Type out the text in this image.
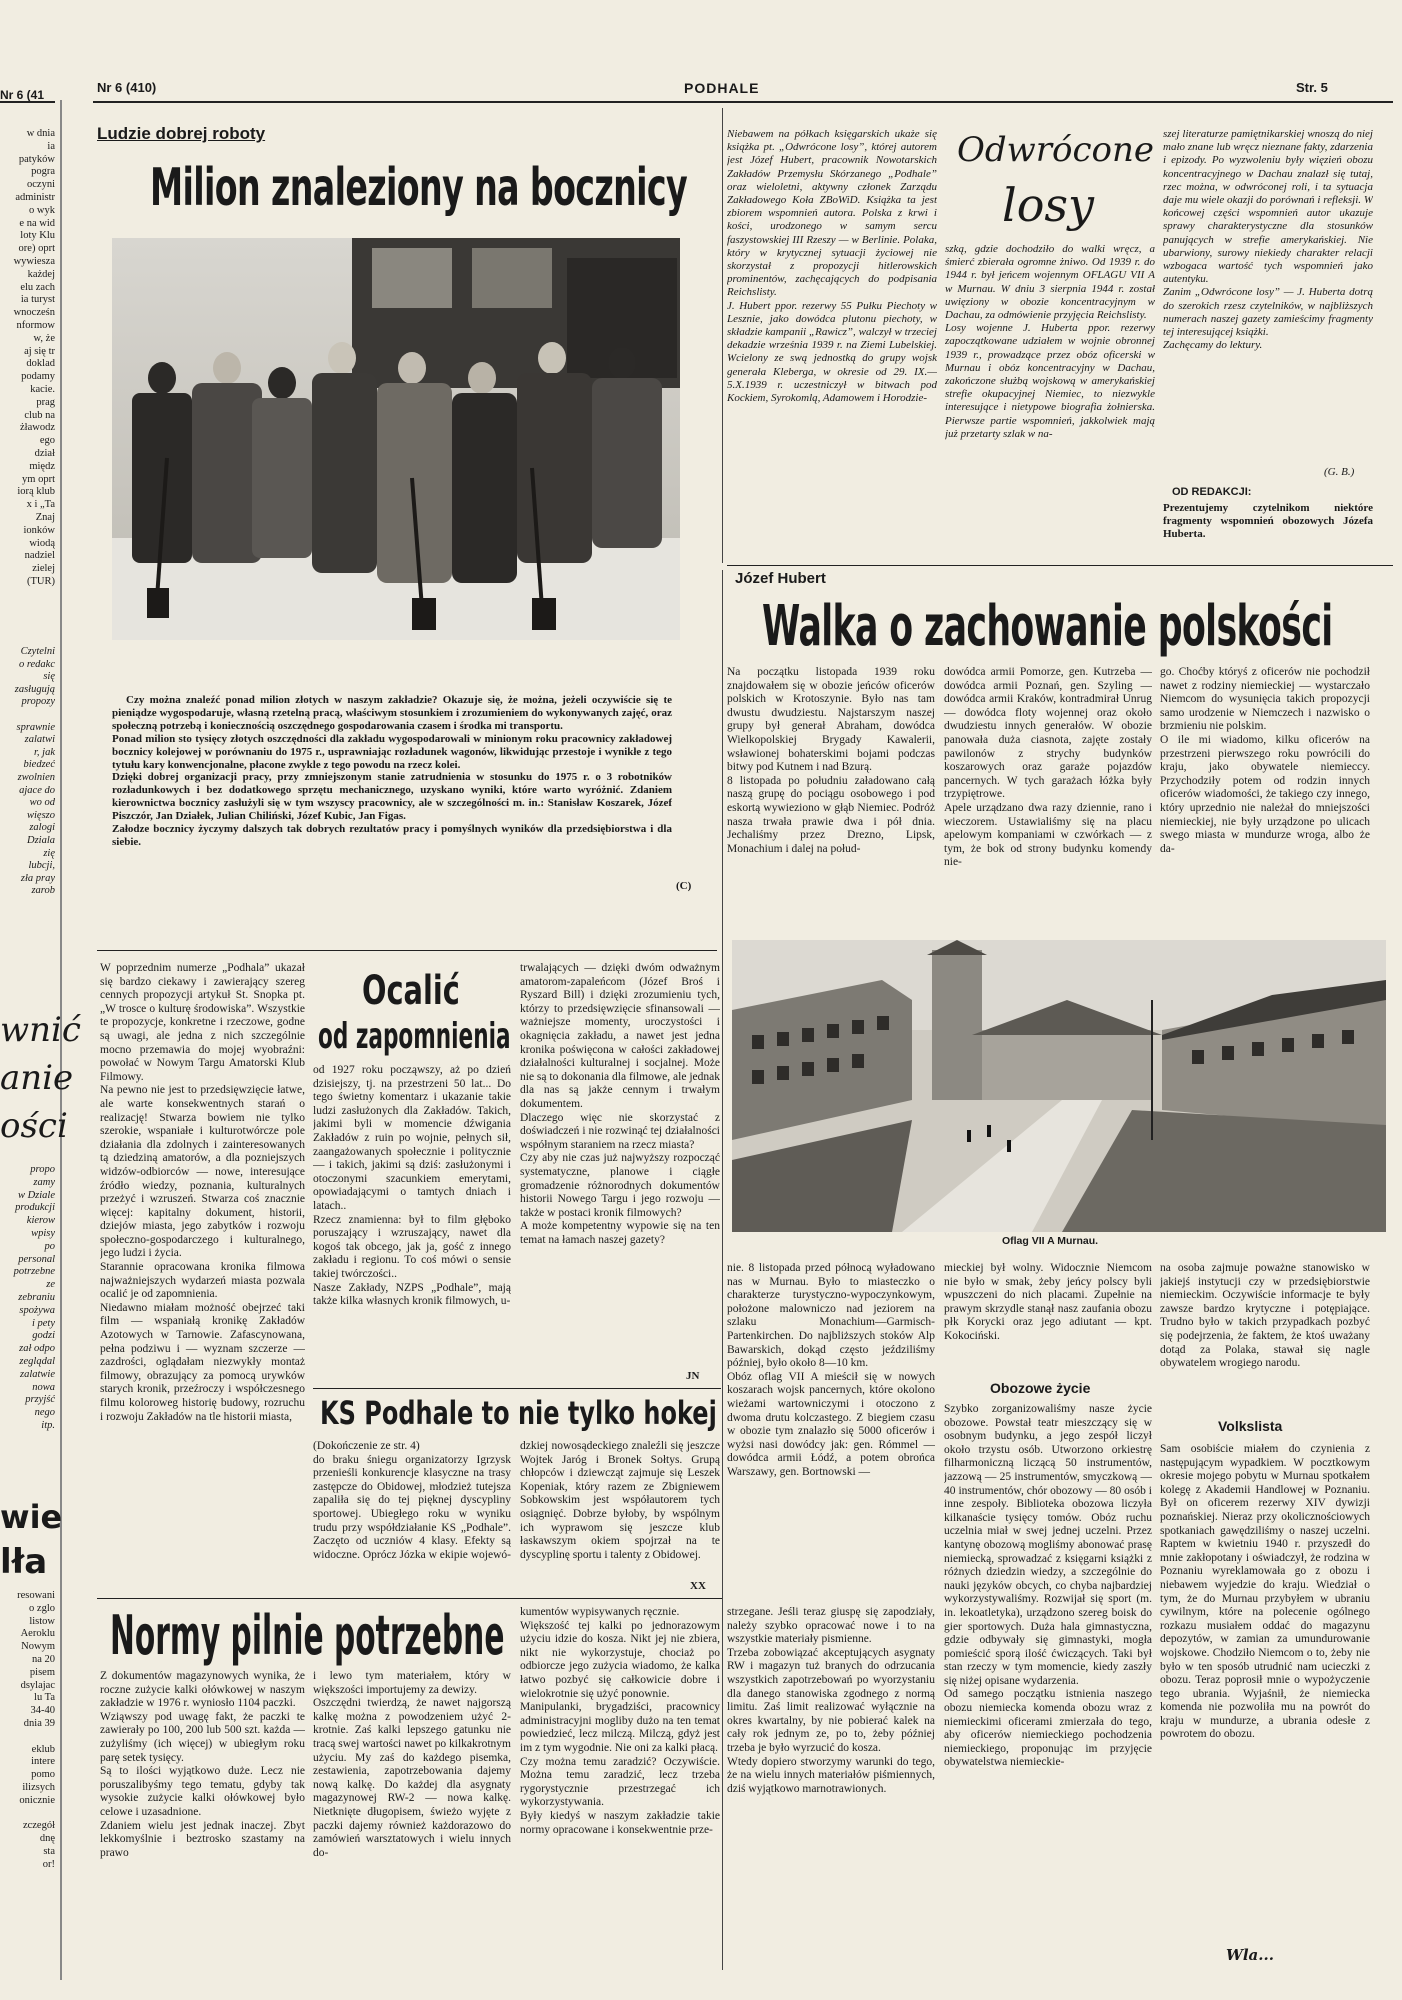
Nr 6 (41	Nr 6 (410)	PODHALE	Str. 5
w dnia
ia
patyków
pogra
oczyni
administr
o wyk
e na wid
loty Klu
ore) oprt
wywiesza
każdej
elu zach
ia turyst
wnocześn
nformow
w, że
aj się tr
doklad
podamy
kacie.
prag
club na
żławodz
ego
dział
międz
ym oprt
iorą klub
x i „Ta
Znaj
ionków
wiodą
nadziel
zielej
(TUR)
Czytelni
o redakc
się
zasługują
propozy

sprawnie
zalatwi
r, jak
biedzeć
zwolnien
ajace do
wo od
więszo
zalogi
Dziala
zię
lubcji,
zła pray
zarob
wnić
anie
ości
propo
zamy
w Dziale
produkcji
kierow
wpisy
po
personal
potrzebne
ze
zebraniu
spożywa
i pety
godzi
zał odpo
zeglądal
zalatwie
nowa
przyjść
nego
itp.
wie
lła
resowani
o zglo
listow
Aeroklu
Nowym
na 20
pisem
dsylajac
lu Ta
34-40
dnia 39

eklub
intere
pomo
ilizsych
onicznie

zczegół
dnę
sta
or!
Ludzie dobrej roboty
Milion znaleziony na bocznicy
Czy można znaleźć ponad milion złotych w naszym zakładzie? Okazuje się, że można, jeżeli oczywiście się te pieniądze wygospodaruje, własną rzetelną pracą, właściwym stosunkiem i zrozumieniem do wykonywanych zajęć, oraz społeczną potrzebą i koniecznością oszczędnego gospodarowania czasem i środka mi transportu.
Ponad milion sto tysięcy złotych oszczędności dla zakładu wygospodarowali w minionym roku pracownicy zakładowej bocznicy kolejowej w porównaniu do 1975 r., usprawniając rozładunek wagonów, likwidując przestoje i wynikłe z tego tytułu kary konwencjonalne, płacone zwykle z tego powodu na rzecz kolei.
Dzięki dobrej organizacji pracy, przy zmniejszonym stanie zatrudnienia w stosunku do 1975 r. o 3 robotników rozładunkowych i bez dodatkowego sprzętu mechanicznego, uzyskano wyniki, które warto wyróżnić. Zdaniem kierownictwa bocznicy zasłużyli się w tym wszyscy pracownicy, ale w szczególności m. in.: Stanisław Koszarek, Józef Piszczór, Jan Działek, Julian Chiliński, Józef Kubic, Jan Figas.
Załodze bocznicy życzymy dalszych tak dobrych rezultatów pracy i pomyślnych wyników dla przedsiębiorstwa i dla siebie.
(C)
Niebawem na półkach księgarskich ukaże się książka pt. „Odwrócone losy”, której autorem jest Józef Hubert, pracownik Nowotarskich Zakładów Przemysłu Skórzanego „Podhale” oraz wieloletni, aktywny członek Zarządu Zakładowego Koła ZBoWiD. Książka ta jest zbiorem wspomnień autora. Polska z krwi i kości, urodzonego w samym sercu faszystowskiej III Rzeszy — w Berlinie. Polaka, który w krytycznej sytuacji życiowej nie skorzystał z propozycji hitlerowskich prominentów, zachęcających do podpisania Reichslisty.
J. Hubert ppor. rezerwy 55 Pułku Piechoty w Lesznie, jako dowódca plutonu piechoty, w składzie kampanii „Rawicz”, walczył w trzeciej dekadzie września 1939 r. na Ziemi Lubelskiej. Wcielony ze swą jednostką do grupy wojsk generała Kleberga, w okresie od 29. IX.—5.X.1939 r. uczestniczył w bitwach pod Kockiem, Syrokomlą, Adamowem i Horodzie-
Odwrócone
losy
szką, gdzie dochodziło do walki wręcz, a śmierć zbierała ogromne żniwo. Od 1939 r. do 1944 r. był jeńcem wojennym OFLAGU VII A w Murnau. W dniu 3 sierpnia 1944 r. został uwięziony w obozie koncentracyjnym w Dachau, za odmówienie przyjęcia Reichslisty.
Losy wojenne J. Huberta ppor. rezerwy zapoczątkowane udziałem w wojnie obronnej 1939 r., prowadzące przez obóz oficerski w Murnau i obóz koncentracyjny w Dachau, zakończone służbą wojskową w amerykańskiej strefie okupacyjnej Niemiec, to niezwykle interesujące i nietypowe biografia żołnierska. Pierwsze partie wspomnień, jakkolwiek mają już przetarty szlak w na-
szej literaturze pamiętnikarskiej wnoszą do niej mało znane lub wręcz nieznane fakty, zdarzenia i epizody. Po wyzwoleniu były więzień obozu koncentracyjnego w Dachau znalazł się tutaj, rzec można, w odwróconej roli, i ta sytuacja daje mu wiele okazji do porównań i refleksji. W końcowej części wspomnień autor ukazuje sprawy charakterystyczne dla stosunków panujących w strefie amerykańskiej. Nie ubarwiony, surowy niekiedy charakter relacji wzbogaca wartość tych wspomnień jako autentyku.
Zanim „Odwrócone losy” — J. Huberta dotrą do szerokich rzesz czytelników, w najbliższych numerach naszej gazety zamieścimy fragmenty tej interesującej książki.
Zachęcamy do lektury.
(G. B.)
OD REDAKCJI:
Prezentujemy czytelnikom niektóre fragmenty wspomnień obozowych Józefa Huberta.
Józef Hubert
Walka o zachowanie polskości
Na początku listopada 1939 roku znajdowałem się w obozie jeńców oficerów polskich w Krotoszynie. Było nas tam dwustu dwudziestu. Najstarszym naszej grupy był generał Abraham, dowódca Wielkopolskiej Brygady Kawalerii, wsławionej bohaterskimi bojami podczas bitwy pod Kutnem i nad Bzurą.
8 listopada po południu załadowano całą naszą grupę do pociągu osobowego i pod eskortą wywieziono w głąb Niemiec. Podróż nasza trwała prawie dwa i pół dnia. Jechaliśmy przez Drezno, Lipsk, Monachium i dalej na połud-
dowódca armii Pomorze, gen. Kutrzeba — dowódca armii Poznań, gen. Szyling — dowódca armii Kraków, kontradmirał Unrug — dowódca floty wojennej oraz około dwudziestu innych generałów. W obozie panowała duża ciasnota, zajęte zostały pawilonów z strychy budynków koszarowych oraz garaże pojazdów pancernych. W tych garażach łóżka były trzypiętrowe.
Apele urządzano dwa razy dziennie, rano i wieczorem. Ustawialiśmy się na placu apelowym kompaniami w czwórkach — z tym, że bok od strony budynku komendy nie-
go. Choćby któryś z oficerów nie pochodził nawet z rodziny niemieckiej — wystarczało Niemcom do wysunięcia takich propozycji samo urodzenie w Niemczech i nazwisko o brzmieniu nie polskim.
O ile mi wiadomo, kilku oficerów na przestrzeni pierwszego roku powrócili do kraju, jako obywatele niemieccy. Przychodziły potem od rodzin innych oficerów wiadomości, że takiego czy innego, który uprzednio nie należał do mniejszości niemieckiej, nie były urządzone po ulicach swego miasta w mundurze wroga, albo że da-
Oflag VII A Murnau.
nie. 8 listopada przed północą wyładowano nas w Murnau. Było to miasteczko o charakterze turystyczno-wypoczynkowym, położone malowniczo nad jeziorem na szlaku Monachium—Garmisch-Partenkirchen. Do najbliższych stoków Alp Bawarskich, dokąd często jeździliśmy później, było około 8—10 km.
Obóz oflag VII A mieścił się w nowych koszarach wojsk pancernych, które okolono wieżami wartowniczymi i otoczono z dwoma drutu kolczastego. Z biegiem czasu w obozie tym znalazło się 5000 oficerów i wyżsi nasi dowódcy jak: gen. Rómmel — dowódca armii Łódź, a potem obrońca Warszawy, gen. Bortnowski —
mieckiej był wolny. Widocznie Niemcom nie było w smak, żeby jeńcy polscy byli wpuszczeni do nich placami. Zupełnie na prawym skrzydle stanął nasz zaufania obozu płk Korycki oraz jego adiutant — kpt. Kokociński.
Obozowe życie
Szybko zorganizowaliśmy nasze życie obozowe. Powstał teatr mieszczący się w osobnym budynku, a jego zespół liczył około trzystu osób. Utworzono orkiestrę filharmoniczną liczącą 50 instrumentów, jazzową — 25 instrumentów, smyczkową — 40 instrumentów, chór obozowy — 80 osób i inne zespoły. Biblioteka obozowa liczyła kilkanaście tysięcy tomów. Obóz ruchu uczelnia miał w swej jednej uczelni. Przez kantynę obozową mogliśmy abonować prasę niemiecką, sprowadzać z księgarni książki z różnych dziedzin wiedzy, a szczególnie do nauki języków obcych, co chyba najbardziej wykorzystywaliśmy. Rozwijał się sport (m. in. lekoatletyka), urządzono szereg boisk do gier sportowych. Duża hala gimnastyczna, gdzie odbywały się gimnastyki, mogła pomieścić sporą ilość ćwiczących. Taki był stan rzeczy w tym momencie, kiedy zaszły się niżej opisane wydarzenia.
Od samego początku istnienia naszego obozu niemiecka komenda obozu wraz z niemieckimi oficerami zmierzała do tego, aby oficerów niemieckiego pochodzenia niemieckiego, proponując im przyjęcie obywatelstwa niemieckie-
na osoba zajmuje poważne stanowisko w jakiejś instytucji czy w przedsiębiorstwie niemieckim. Oczywiście informacje te były zawsze bardzo krytyczne i potępiające. Trudno było w takich przypadkach pozbyć się podejrzenia, że faktem, że ktoś uważany dotąd za Polaka, stawał się nagle obywatelem wrogiego narodu.
Volkslista
Sam osobiście miałem do czynienia z następującym wypadkiem. W pocztkowym okresie mojego pobytu w Murnau spotkałem kolegę z Akademii Handlowej w Poznaniu. Był on oficerem rezerwy XIV dywizji poznańskiej. Nieraz przy okolicznościowych spotkaniach gawędziliśmy o naszej uczelni. Raptem w kwietniu 1940 r. przyszedł do mnie zakłopotany i oświadczył, że rodzina w Poznaniu wyreklamowała go z obozu i niebawem wyjedzie do kraju. Wiedział o tym, że do Murnau przybyłem w ubraniu cywilnym, które na polecenie ogólnego rozkazu musiałem oddać do magazynu depozytów, w zamian za umundurowanie wojskowe. Chodziło Niemcom o to, żeby nie było w ten sposób utrudnić nam ucieczki z obozu. Teraz poprosił mnie o wypożyczenie tego ubrania. Wyjaśnił, że niemiecka komenda nie pozwoliła mu na powrót do kraju w mundurze, a ubrania odesłe z powrotem do obozu.
Wla...
W poprzednim numerze „Podhala” ukazał się bardzo ciekawy i zawierający szereg cennych propozycji artykuł St. Snopka pt. „W trosce o kulturę środowiska”. Wszystkie te propozycje, konkretne i rzeczowe, godne są uwagi, ale jedna z nich szczególnie mocno przemawia do mojej wyobraźni: powołać w Nowym Targu Amatorski Klub Filmowy.
Na pewno nie jest to przedsięwzięcie łatwe, ale warte konsekwentnych starań o realizację! Stwarza bowiem nie tylko szerokie, wspaniałe i kulturotwórcze pole działania dla zdolnych i zainteresowanych tą dziedziną amatorów, a dla pozniejszych widzów-odbiorców — nowe, interesujące źródło wiedzy, poznania, kulturalnych przeżyć i wzruszeń. Stwarza coś znacznie więcej: kapitalny dokument, historii, dziejów miasta, jego zabytków i rozwoju społeczno-gospodarczego i kulturalnego, jego ludzi i życia.
Starannie opracowana kronika filmowa najważniejszych wydarzeń miasta pozwala ocalić je od zapomnienia.
Niedawno miałam możność obejrzeć taki film — wspaniałą kronikę Zakładów Azotowych w Tarnowie. Zafascynowana, pełna podziwu i — wyznam szczerze — zazdrości, oglądałam niezwykły montaż filmowy, obrazujący za pomocą urywków starych kronik, przeźroczy i współczesnego filmu koloroweg historię budowy, rozruchu i rozwoju Zakładów na tle historii miasta,
Ocalić
od zapomnienia
od 1927 roku począwszy, aż po dzień dzisiejszy, tj. na przestrzeni 50 lat... Do tego świetny komentarz i ukazanie takie ludzi zasłużonych dla Zakładów. Takich, jakimi byli w momencie dźwigania Zakładów z ruin po wojnie, pełnych sił, zaangażowanych społecznie i politycznie — i takich, jakimi są dziś: zasłużonymi i otoczonymi szacunkiem emerytami, opowiadającymi o tamtych dniach i latach..
Rzecz znamienna: był to film głęboko poruszający i wzruszający, nawet dla kogoś tak obcego, jak ja, gość z innego zakładu i regionu. To coś mówi o sensie takiej twórczości..
Nasze Zakłady, NZPS „Podhale”, mają także kilka własnych kronik filmowych, u-
trwalających — dzięki dwóm odważnym amatorom-zapaleńcom (Józef Broś i Ryszard Bill) i dzięki zrozumieniu tych, którzy to przedsięwzięcie sfinansowali — ważniejsze momenty, uroczystości i okagnięcia zakładu, a nawet jest jedna kronika poświęcona w całości zakładowej działalności kulturalnej i socjalnej. Może nie są to dokonania dla filmowe, ale jednak dla nas są jakże cennym i trwałym dokumentem.
Dlaczego więc nie skorzystać z doświadczeń i nie rozwinąć tej działalności współnym staraniem na rzecz miasta?
Czy aby nie czas już najwyższy rozpocząć systematyczne, planowe i ciągłe gromadzenie różnorodnych dokumentów historii Nowego Targu i jego rozwoju — także w postaci kronik filmowych?
A może kompetentny wypowie się na ten temat na łamach naszej gazety?
JN
KS Podhale to nie tylko hokej
(Dokończenie ze str. 4)
do braku śniegu organizatorzy Igrzysk przenieśli konkurencje klasyczne na trasy zastępcze do Obidowej, młodzież tutejsza zapaliła się do tej pięknej dyscypliny sportowej. Ubiegłego roku w wyniku trudu przy współdziałanie KS „Podhale”. Zaczęto od uczniów 4 klasy. Efekty są widoczne. Oprócz Józka w ekipie wojewó-
dzkiej nowosądeckiego znaleźli się jeszcze Wojtek Jaróg i Bronek Sołtys. Grupą chłopców i dziewcząt zajmuje się Leszek Kopeniak, który razem ze Zbigniewem Sobkowskim jest współautorem tych osiągnięć. Dobrze byłoby, by wspólnym ich wyprawom się jeszcze klub łaskawszym okiem spojrzał na te dyscyplinę sportu i talenty z Obidowej.
XX
Normy pilnie potrzebne
Z dokumentów magazynowych wynika, że roczne zużycie kalki ołówkowej w naszym zakładzie w 1976 r. wyniosło 1104 paczki.
Wziąwszy pod uwagę fakt, że paczki te zawierały po 100, 200 lub 500 szt. każda — zużyliśmy (ich więcej) w ubiegłym roku parę setek tysięcy.
Są to ilości wyjątkowo duże. Lecz nie poruszalibyśmy tego tematu, gdyby tak wysokie zużycie kalki ołówkowej było celowe i uzasadnione.
Zdaniem wielu jest jednak inaczej. Zbyt lekkomyślnie i beztrosko szastamy na prawo
i lewo tym materiałem, który w większości importujemy za dewizy.
Oszczędni twierdzą, że nawet najgorszą kalkę można z powodzeniem użyć 2-krotnie. Zaś kalki lepszego gatunku nie tracą swej wartości nawet po kilkakrotnym użyciu. My zaś do każdego pisemka, zestawienia, zapotrzebowania dajemy nową kalkę. Do każdej dla asygnaty magazynowej RW-2 — nowa kalkę. Nietknięte długopisem, świeżo wyjęte z paczki dajemy również każdorazowo do zamówień warsztatowych i wielu innych do-
kumentów wypisywanych ręcznie.
Większość tej kalki po jednorazowym użyciu idzie do kosza. Nikt jej nie zbiera, nikt nie wykorzystuje, chociaż po odbiorcze jego zużycia wiadomo, że kalka łatwo pozbyć się całkowicie dobre i wielokrotnie się użyć ponownie.
Manipulanki, brygadziści, pracownicy administracyjni mogliby dużo na ten temat powiedzieć, lecz milczą. Milczą, gdyż jest im z tym wygodnie. Nie oni za kalki płacą.
Czy można temu zaradzić? Oczywiście. Można temu zaradzić, lecz trzeba rygorystycznie przestrzegać ich wykorzystywania.
Były kiedyś w naszym zakładzie takie normy opracowane i konsekwentnie prze-
strzegane. Jeśli teraz giuspę się zapodziały, należy szybko opracować nowe i to na wszystkie materiały pismienne.
Trzeba zobowiązać akceptujących asygnaty RW i magazyn tuż branych do odrzucania wszystkich zapotrzebowań po wyorzystaniu dla danego stanowiska zgodnego z normą limitu. Zaś limit realizować wyłącznie na okres kwartalny, by nie pobierać kalek na cały rok jednym ze, po to, żeby później trzeba je było wyrzucić do kosza.
Wtedy dopiero stworzymy warunki do tego, że na wielu innych materiałów piśmiennych, dziś wyjątkowo marnotrawionych.
